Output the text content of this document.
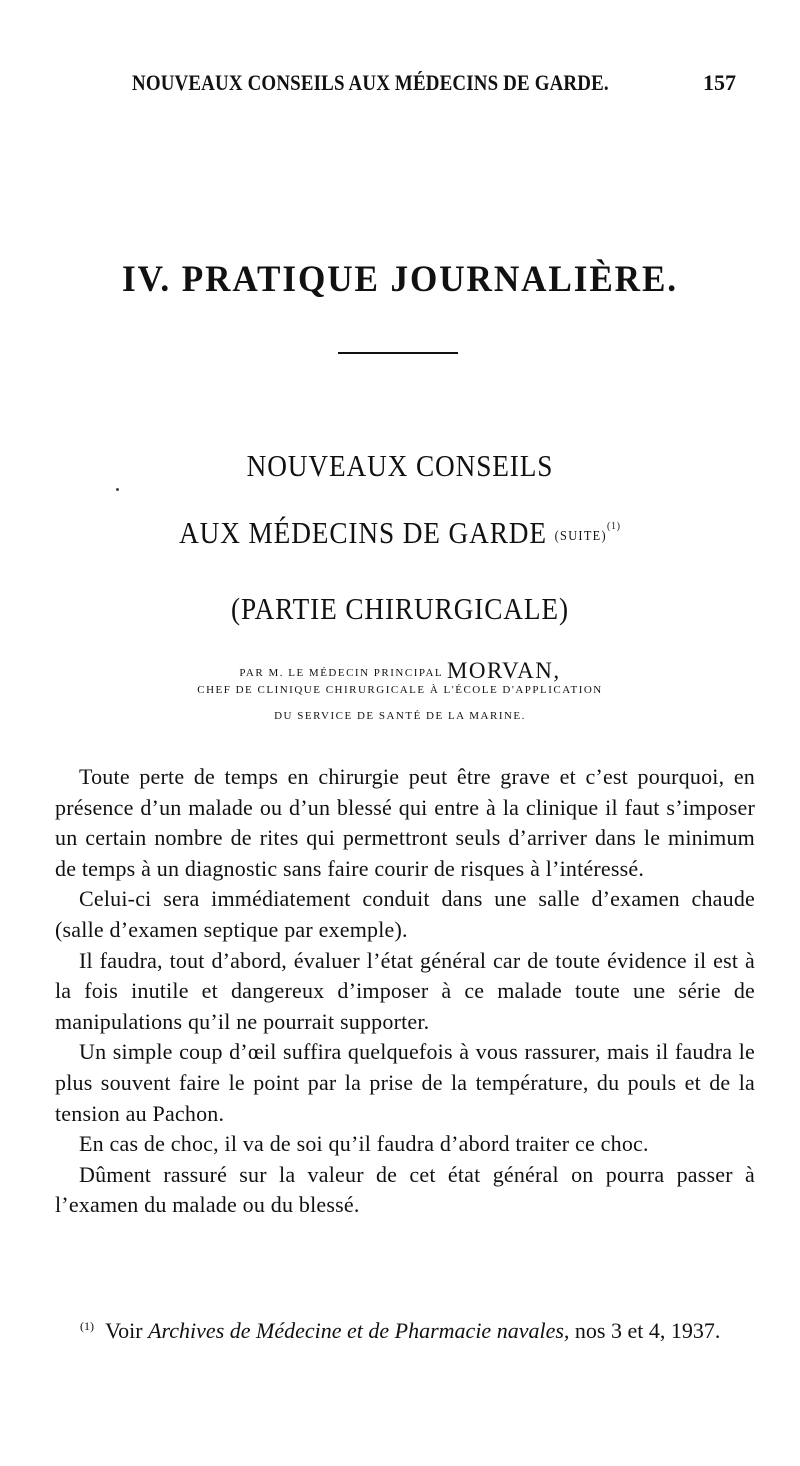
NOUVEAUX CONSEILS AUX MÉDECINS DE GARDE.	157
IV. PRATIQUE JOURNALIÈRE.
NOUVEAUX CONSEILS
AUX MÉDECINS DE GARDE (SUITE)$^{(1)}$
(PARTIE CHIRURGICALE)
PAR M. LE MÉDECIN PRINCIPAL MORVAN,
CHEF DE CLINIQUE CHIRURGICALE À L'ÉCOLE D'APPLICATION
DU SERVICE DE SANTÉ DE LA MARINE.

Toute perte de temps en chirurgie peut être grave et c’est pourquoi, en présence d’un malade ou d’un blessé qui entre à la clinique il faut s’imposer un certain nombre de rites qui permettront seuls d’arriver dans le minimum de temps à un diagnostic sans faire courir de risques à l’intéressé.

Celui-ci sera immédiatement conduit dans une salle d’examen chaude (salle d’examen septique par exemple).

Il faudra, tout d’abord, évaluer l’état général car de toute évidence il est à la fois inutile et dangereux d’imposer à ce malade toute une série de manipulations qu’il ne pourrait supporter.

Un simple coup d’œil suffira quelquefois à vous rassurer, mais il faudra le plus souvent faire le point par la prise de la température, du pouls et de la tension au Pachon.

En cas de choc, il va de soi qu’il faudra d’abord traiter ce choc.

Dûment rassuré sur la valeur de cet état général on pourra passer à l’examen du malade ou du blessé.

$^{(1)}$ Voir Archives de Médecine et de Pharmacie navales, nos 3 et 4, 1937.
